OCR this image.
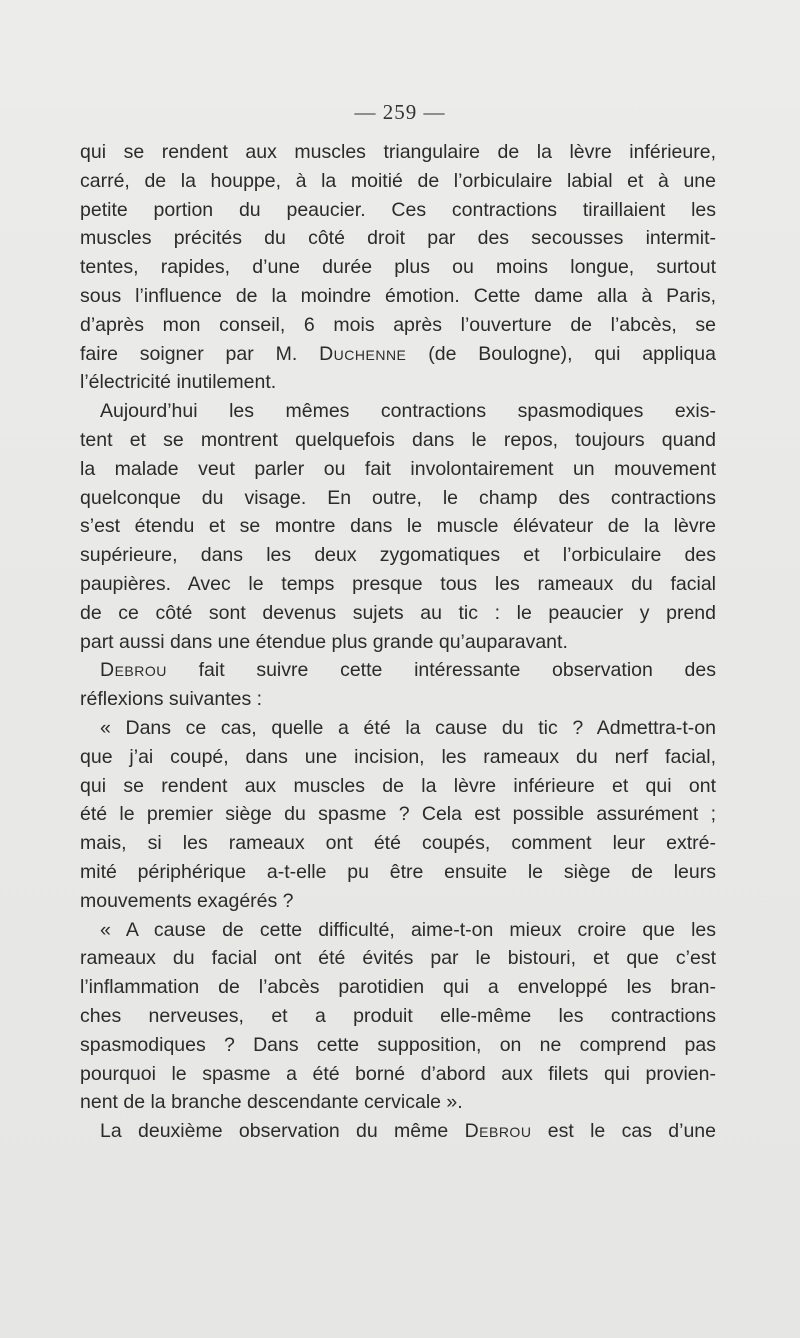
— 259 —
qui se rendent aux muscles triangulaire de la lèvre inférieure,
carré, de la houppe, à la moitié de l’orbiculaire labial et à une
petite portion du peaucier. Ces contractions tiraillaient les
muscles précités du côté droit par des secousses intermit-
tentes, rapides, d’une durée plus ou moins longue, surtout
sous l’influence de la moindre émotion. Cette dame alla à Paris,
d’après mon conseil, 6 mois après l’ouverture de l’abcès, se
faire soigner par M. Duchenne (de Boulogne), qui appliqua
l’électricité inutilement.
Aujourd’hui les mêmes contractions spasmodiques exis-
tent et se montrent quelquefois dans le repos, toujours quand
la malade veut parler ou fait involontairement un mouvement
quelconque du visage. En outre, le champ des contractions
s’est étendu et se montre dans le muscle élévateur de la lèvre
supérieure, dans les deux zygomatiques et l’orbiculaire des
paupières. Avec le temps presque tous les rameaux du facial
de ce côté sont devenus sujets au tic : le peaucier y prend
part aussi dans une étendue plus grande qu’auparavant.
Debrou fait suivre cette intéressante observation des
réflexions suivantes :
« Dans ce cas, quelle a été la cause du tic ? Admettra-t-on
que j’ai coupé, dans une incision, les rameaux du nerf facial,
qui se rendent aux muscles de la lèvre inférieure et qui ont
été le premier siège du spasme ? Cela est possible assurément ;
mais, si les rameaux ont été coupés, comment leur extré-
mité périphérique a-t-elle pu être ensuite le siège de leurs
mouvements exagérés ?
« A cause de cette difficulté, aime-t-on mieux croire que les
rameaux du facial ont été évités par le bistouri, et que c’est
l’inflammation de l’abcès parotidien qui a enveloppé les bran-
ches nerveuses, et a produit elle-même les contractions
spasmodiques ? Dans cette supposition, on ne comprend pas
pourquoi le spasme a été borné d’abord aux filets qui provien-
nent de la branche descendante cervicale ».
La deuxième observation du même Debrou est le cas d’une
